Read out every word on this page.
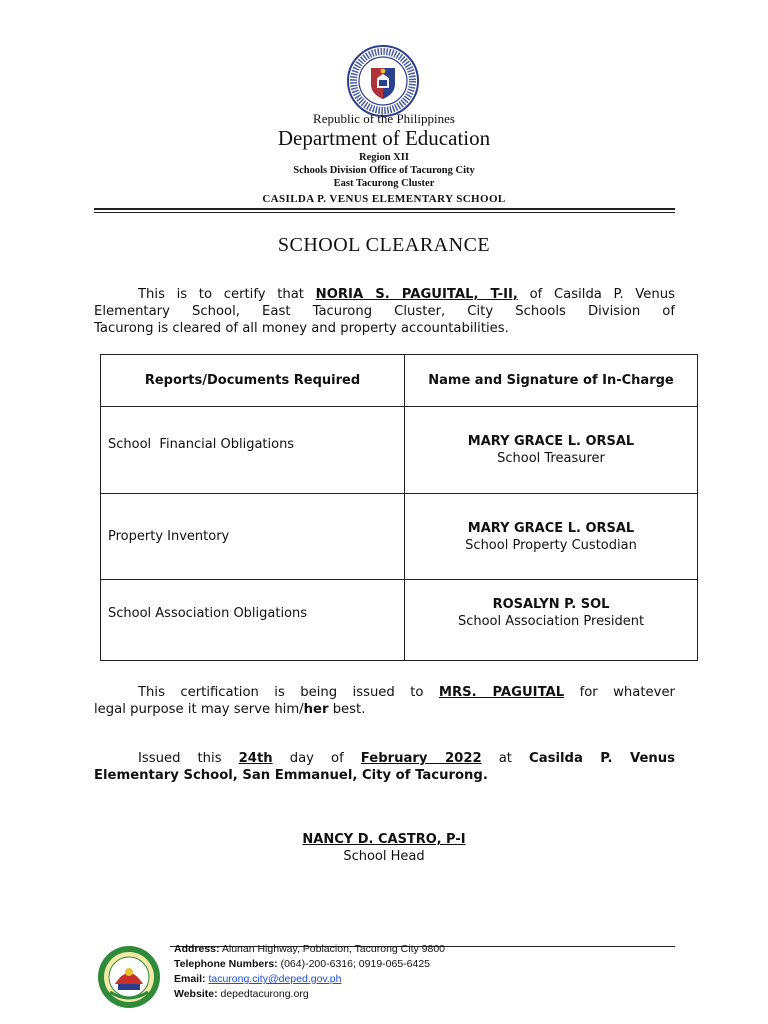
Republic of the Philippines
Department of Education
Region XII
Schools Division Office of Tacurong City
East Tacurong Cluster
CASILDA P. VENUS ELEMENTARY SCHOOL
SCHOOL CLEARANCE
This is to certify that NORIA S. PAGUITAL, T-II, of Casilda P. Venus
Elementary School, East Tacurong Cluster, City Schools Division of
Tacurong is cleared of all money and property accountabilities.
Reports/Documents Required	Name and Signature of In-Charge
School  Financial Obligations	MARY GRACE L. ORSAL
School Treasurer

Property Inventory	MARY GRACE L. ORSAL
School Property Custodian

School Association Obligations	ROSALYN P. SOL
School Association President
This certification is being issued to MRS. PAGUITAL for whatever
legal purpose it may serve him/her best.
Issued this 24th day of February 2022 at Casilda P. Venus
Elementary School, San Emmanuel, City of Tacurong.
NANCY D. CASTRO, P-I
School Head
Address: Alunan Highway, Poblacion, Tacurong City 9800
Telephone Numbers: (064)-200-6316; 0919-065-6425
Email: tacurong.city@deped.gov.ph
Website: depedtacurong.org
